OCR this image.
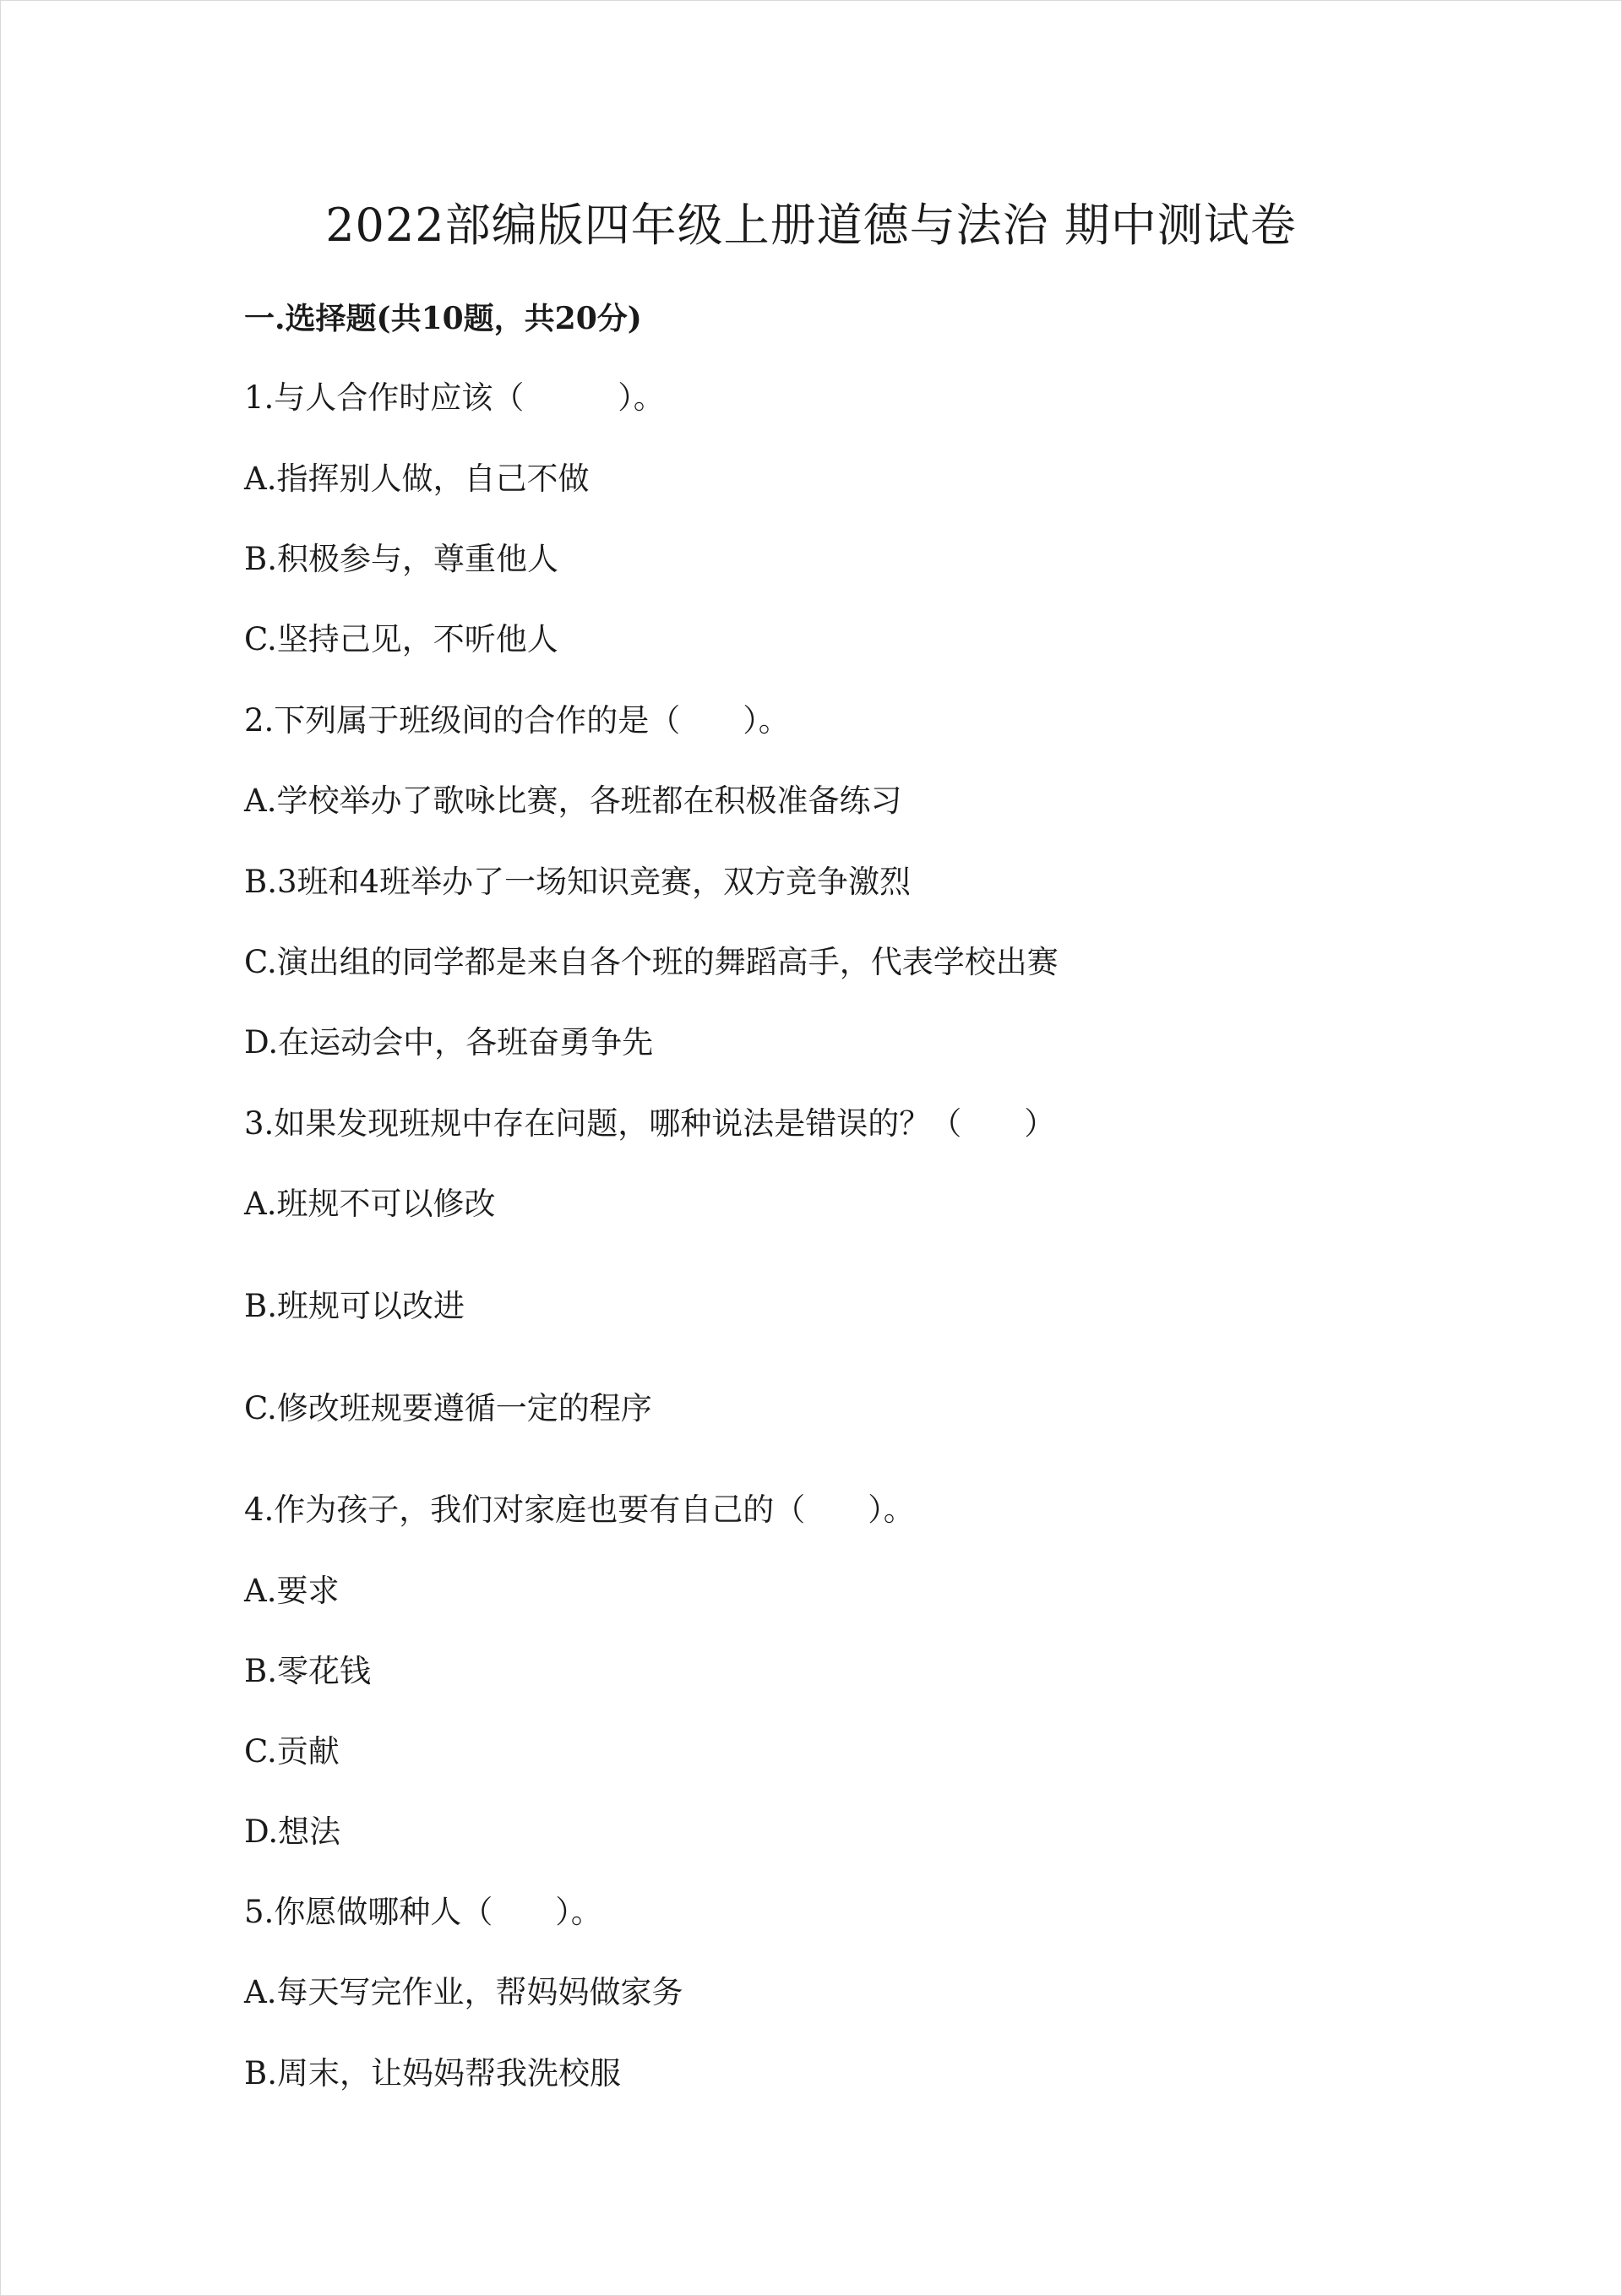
2022部编版四年级上册道德与法治 期中测试卷
一.选择题(共10题，共20分)
1.与人合作时应该（　　　）。
A.指挥别人做，自己不做
B.积极参与，尊重他人
C.坚持己见，不听他人
2.下列属于班级间的合作的是（　　）。
A.学校举办了歌咏比赛，各班都在积极准备练习
B.3班和4班举办了一场知识竞赛，双方竞争激烈
C.演出组的同学都是来自各个班的舞蹈高手，代表学校出赛
D.在运动会中，各班奋勇争先
3.如果发现班规中存在问题，哪种说法是错误的？（　　）
A.班规不可以修改
B.班规可以改进
C.修改班规要遵循一定的程序
4.作为孩子，我们对家庭也要有自己的（　　）。
A.要求
B.零花钱
C.贡献
D.想法
5.你愿做哪种人（　　）。
A.每天写完作业，帮妈妈做家务
B.周末，让妈妈帮我洗校服
